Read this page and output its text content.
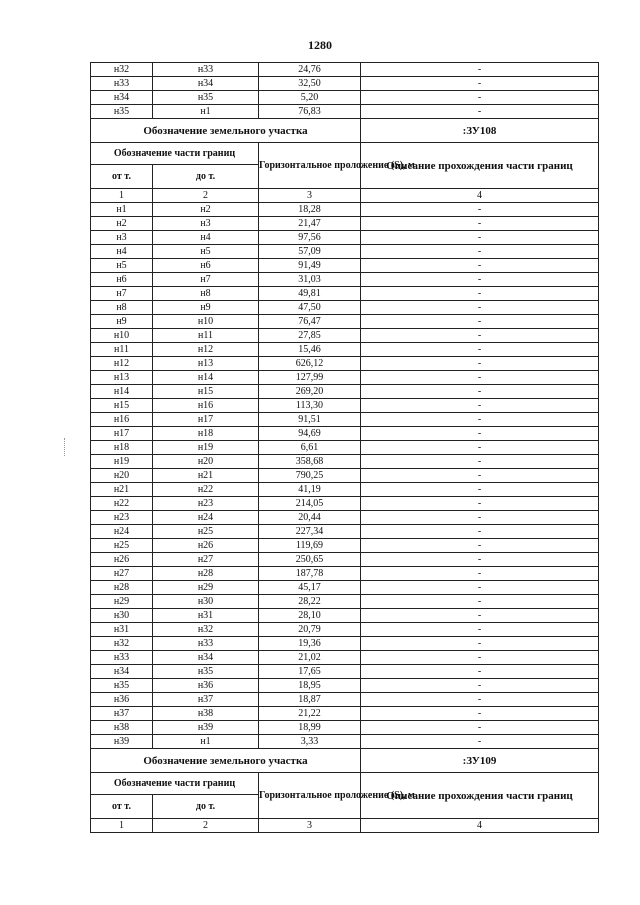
1280
н32	н33	24,76	-
н33	н34	32,50	-
н34	н35	5,20	-
н35	н1	76,83	-
Обозначение земельного участка			:ЗУ108
Обозначение части границ		Горизонтальное проложение (S), м	Описание прохождения части границ
от т.	до т.		
1	2	3	4
н1	н2	18,28	-
н2	н3	21,47	-
н3	н4	97,56	-
н4	н5	57,09	-
н5	н6	91,49	-
н6	н7	31,03	-
н7	н8	49,81	-
н8	н9	47,50	-
н9	н10	76,47	-
н10	н11	27,85	-
н11	н12	15,46	-
н12	н13	626,12	-
н13	н14	127,99	-
н14	н15	269,20	-
н15	н16	113,30	-
н16	н17	91,51	-
н17	н18	94,69	-
н18	н19	6,61	-
н19	н20	358,68	-
н20	н21	790,25	-
н21	н22	41,19	-
н22	н23	214,05	-
н23	н24	20,44	-
н24	н25	227,34	-
н25	н26	119,69	-
н26	н27	250,65	-
н27	н28	187,78	-
н28	н29	45,17	-
н29	н30	28,22	-
н30	н31	28,10	-
н31	н32	20,79	-
н32	н33	19,36	-
н33	н34	21,02	-
н34	н35	17,65	-
н35	н36	18,95	-
н36	н37	18,87	-
н37	н38	21,22	-
н38	н39	18,99	-
н39	н1	3,33	-
Обозначение земельного участка			:ЗУ109
Обозначение части границ		Горизонтальное проложение (S), м	Описание прохождения части границ
от т.	до т.		
1	2	3	4
